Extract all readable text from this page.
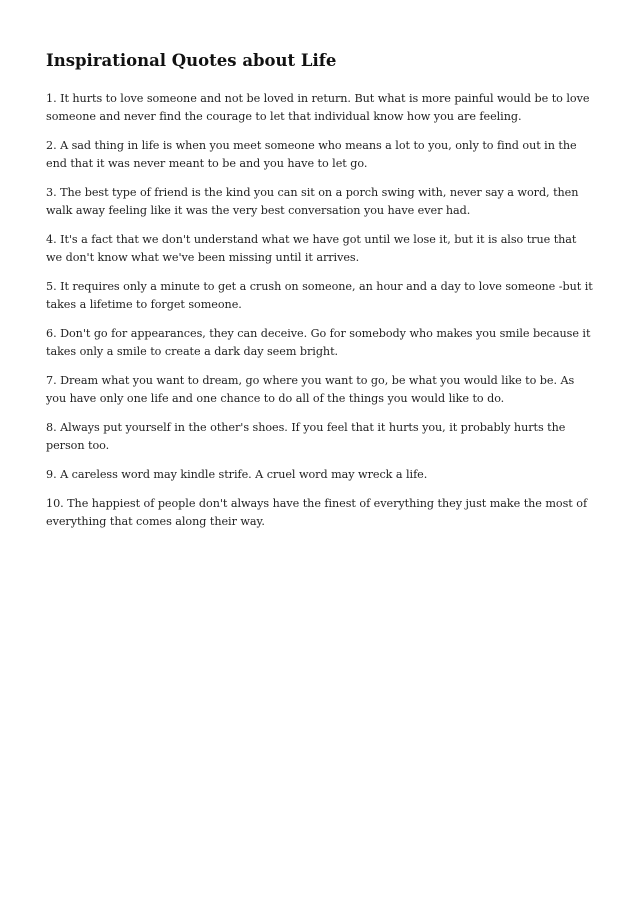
Inspirational Quotes about Life

1. It hurts to love someone and not be loved in return. But what is more painful would be to love someone and never find the courage to let that individual know how you are feeling.

2. A sad thing in life is when you meet someone who means a lot to you, only to find out in the end that it was never meant to be and you have to let go.

3. The best type of friend is the kind you can sit on a porch swing with, never say a word, then walk away feeling like it was the very best conversation you have ever had.

4. It's a fact that we don't understand what we have got until we lose it, but it is also true that we don't know what we've been missing until it arrives.

5. It requires only a minute to get a crush on someone, an hour and a day to love someone -but it takes a lifetime to forget someone.

6. Don't go for appearances, they can deceive. Go for somebody who makes you smile because it takes only a smile to create a dark day seem bright.

7. Dream what you want to dream, go where you want to go, be what you would like to be. As you have only one life and one chance to do all of the things you would like to do.

8. Always put yourself in the other's shoes. If you feel that it hurts you, it probably hurts the person too.

9. A careless word may kindle strife. A cruel word may wreck a life.

10. The happiest of people don't always have the finest of everything they just make the most of everything that comes along their way.
